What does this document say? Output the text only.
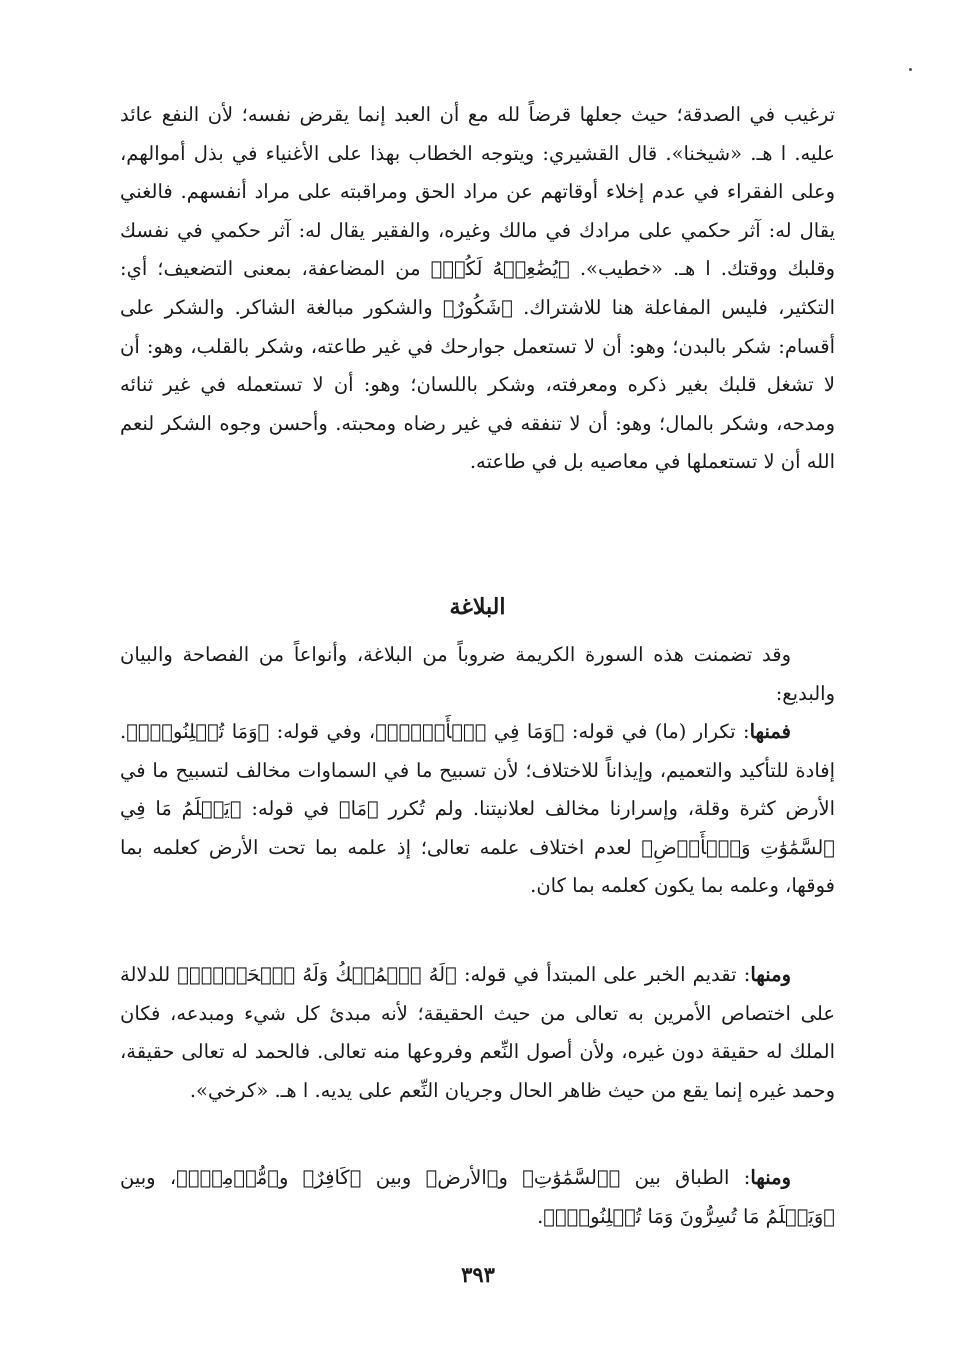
ترغيب في الصدقة؛ حيث جعلها قرضاً لله مع أن العبد إنما يقرض نفسه؛ لأن النفع عائد عليه. ا هـ. «شيخنا». قال القشيري: ويتوجه الخطاب بهذا على الأغنياء في بذل أموالهم، وعلى الفقراء في عدم إخلاء أوقاتهم عن مراد الحق ومراقبته على مراد أنفسهم. فالغني يقال له: آثر حكمي على مرادك في مالك وغيره، والفقير يقال له: آثر حكمي في نفسك وقلبك ووقتك. ا هـ. «خطيب». ﴿يُضَٰعِفۡهُ لَكُمۡ﴾ من المضاعفة، بمعنى التضعيف؛ أي: التكثير، فليس المفاعلة هنا للاشتراك. ﴿شَكُورٌ﴾ والشكور مبالغة الشاكر. والشكر على أقسام: شكر بالبدن؛ وهو: أن لا تستعمل جوارحك في غير طاعته، وشكر بالقلب، وهو: أن لا تشغل قلبك بغير ذكره ومعرفته، وشكر باللسان؛ وهو: أن لا تستعمله في غير ثنائه ومدحه، وشكر بالمال؛ وهو: أن لا تنفقه في غير رضاه ومحبته. وأحسن وجوه الشكر لنعم الله أن لا تستعملها في معاصيه بل في طاعته.

البلاغة

وقد تضمنت هذه السورة الكريمة ضروباً من البلاغة، وأنواعاً من الفصاحة والبيان والبديع:

فمنها: تكرار (ما) في قوله: ﴿وَمَا فِي ٱلۡأَرۡضِۚ﴾، وفي قوله: ﴿وَمَا تُعۡلِنُونَۚ﴾. إفادة للتأكيد والتعميم، وإيذاناً للاختلاف؛ لأن تسبيح ما في السماوات مخالف لتسبيح ما في الأرض كثرة وقلة، وإسرارنا مخالف لعلانيتنا. ولم تُكرر ﴿مَا﴾ في قوله: ﴿يَعۡلَمُ مَا فِي ٱلسَّمَٰوَٰتِ وَٱلۡأَرۡضِ﴾ لعدم اختلاف علمه تعالى؛ إذ علمه بما تحت الأرض كعلمه بما فوقها، وعلمه بما يكون كعلمه بما كان.

ومنها: تقديم الخبر على المبتدأ في قوله: ﴿لَهُ ٱلۡمُلۡكُ وَلَهُ ٱلۡحَمۡدُۖ﴾ للدلالة على اختصاص الأمرين به تعالى من حيث الحقيقة؛ لأنه مبدئ كل شيء ومبدعه، فكان الملك له حقيقة دون غيره، ولأن أصول النِّعم وفروعها منه تعالى. فالحمد له تعالى حقيقة، وحمد غيره إنما يقع من حيث ظاهر الحال وجريان النِّعم على يديه. ا هـ. «كرخي».

ومنها: الطباق بين ﴿ٱلسَّمَٰوَٰتِ﴾ و﴿الأرض﴾ وبين ﴿كَافِرٌ﴾ و﴿مُّؤۡمِنٌۚ﴾، وبين ﴿وَيَعۡلَمُ مَا تُسِرُّونَ وَمَا تُعۡلِنُونَۚ﴾.

٣٩٣
